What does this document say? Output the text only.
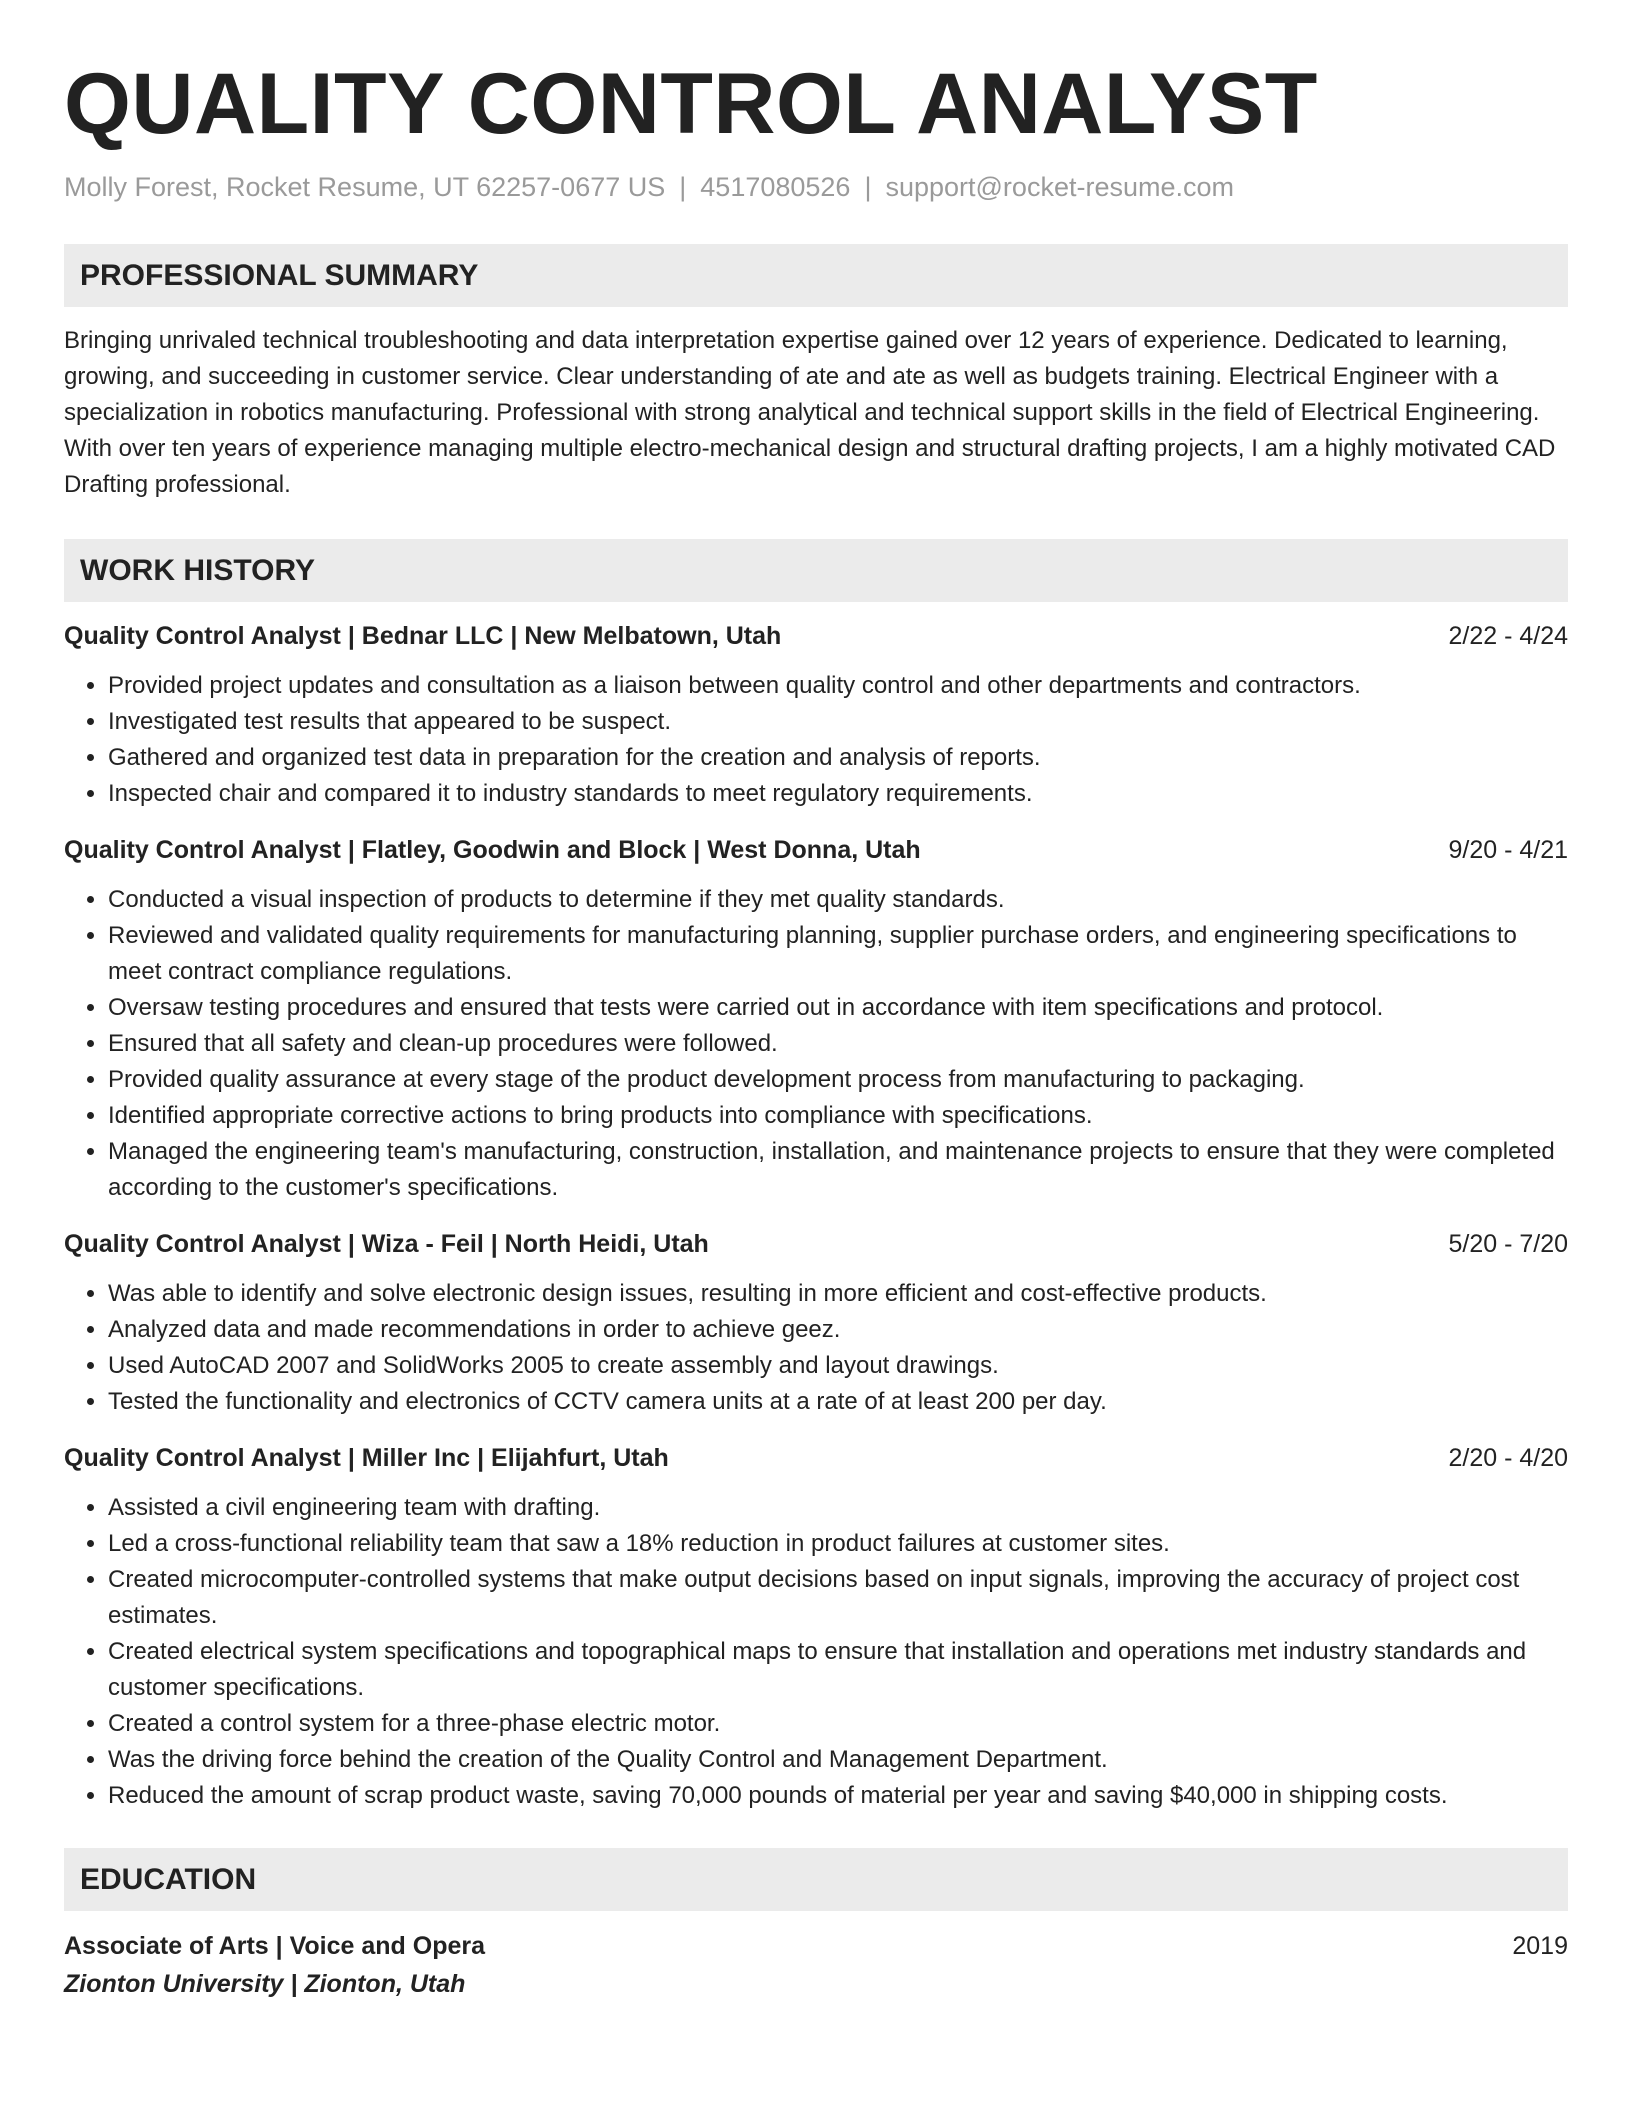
QUALITY CONTROL ANALYST
Molly Forest, Rocket Resume, UT 62257-0677 US | 4517080526 | support@rocket-resume.com
PROFESSIONAL SUMMARY
Bringing unrivaled technical troubleshooting and data interpretation expertise gained over 12 years of experience. Dedicated to learning, growing, and succeeding in customer service. Clear understanding of ate and ate as well as budgets training. Electrical Engineer with a specialization in robotics manufacturing. Professional with strong analytical and technical support skills in the field of Electrical Engineering. With over ten years of experience managing multiple electro-mechanical design and structural drafting projects, I am a highly motivated CAD Drafting professional.
WORK HISTORY
Quality Control Analyst | Bednar LLC | New Melbatown, Utah	2/22 - 4/24
• Provided project updates and consultation as a liaison between quality control and other departments and contractors.
• Investigated test results that appeared to be suspect.
• Gathered and organized test data in preparation for the creation and analysis of reports.
• Inspected chair and compared it to industry standards to meet regulatory requirements.
Quality Control Analyst | Flatley, Goodwin and Block | West Donna, Utah	9/20 - 4/21
• Conducted a visual inspection of products to determine if they met quality standards.
• Reviewed and validated quality requirements for manufacturing planning, supplier purchase orders, and engineering specifications to meet contract compliance regulations.
• Oversaw testing procedures and ensured that tests were carried out in accordance with item specifications and protocol.
• Ensured that all safety and clean-up procedures were followed.
• Provided quality assurance at every stage of the product development process from manufacturing to packaging.
• Identified appropriate corrective actions to bring products into compliance with specifications.
• Managed the engineering team's manufacturing, construction, installation, and maintenance projects to ensure that they were completed according to the customer's specifications.
Quality Control Analyst | Wiza - Feil | North Heidi, Utah	5/20 - 7/20
• Was able to identify and solve electronic design issues, resulting in more efficient and cost-effective products.
• Analyzed data and made recommendations in order to achieve geez.
• Used AutoCAD 2007 and SolidWorks 2005 to create assembly and layout drawings.
• Tested the functionality and electronics of CCTV camera units at a rate of at least 200 per day.
Quality Control Analyst | Miller Inc | Elijahfurt, Utah	2/20 - 4/20
• Assisted a civil engineering team with drafting.
• Led a cross-functional reliability team that saw a 18% reduction in product failures at customer sites.
• Created microcomputer-controlled systems that make output decisions based on input signals, improving the accuracy of project cost estimates.
• Created electrical system specifications and topographical maps to ensure that installation and operations met industry standards and customer specifications.
• Created a control system for a three-phase electric motor.
• Was the driving force behind the creation of the Quality Control and Management Department.
• Reduced the amount of scrap product waste, saving 70,000 pounds of material per year and saving $40,000 in shipping costs.
EDUCATION
Associate of Arts | Voice and Opera	2019
Zionton University | Zionton, Utah
